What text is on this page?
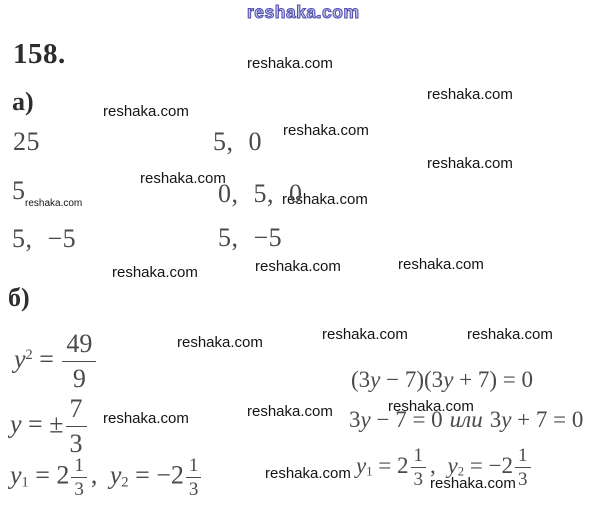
reshaka.com
158.	reshaka.com
reshaka.com
reshaka.com
reshaka.com
reshaka.com
reshaka.com
reshaka.com	reshaka.com
reshaka.com	reshaka.com	reshaka.com
reshaka.com	reshaka.com	reshaka.com
reshaka.com	reshaka.com	reshaka.com
reshaka.com
reshaka.com
а)
25	5, 0
5	0, 5, 0
5, −5	5, −5
б)
$y^2 = \frac{49}{9}$	(3y − 7)(3y + 7) = 0
y = ± $\frac{7}{3}$	3y − 7 = 0 или 3y + 7 = 0
$y_1 = 2 \frac{1}{3}$ , $y_2 = -2 \frac{1}{3}$	$y_1 = 2 \frac{1}{3}$ , $y_2 = -2 \frac{1}{3}$
